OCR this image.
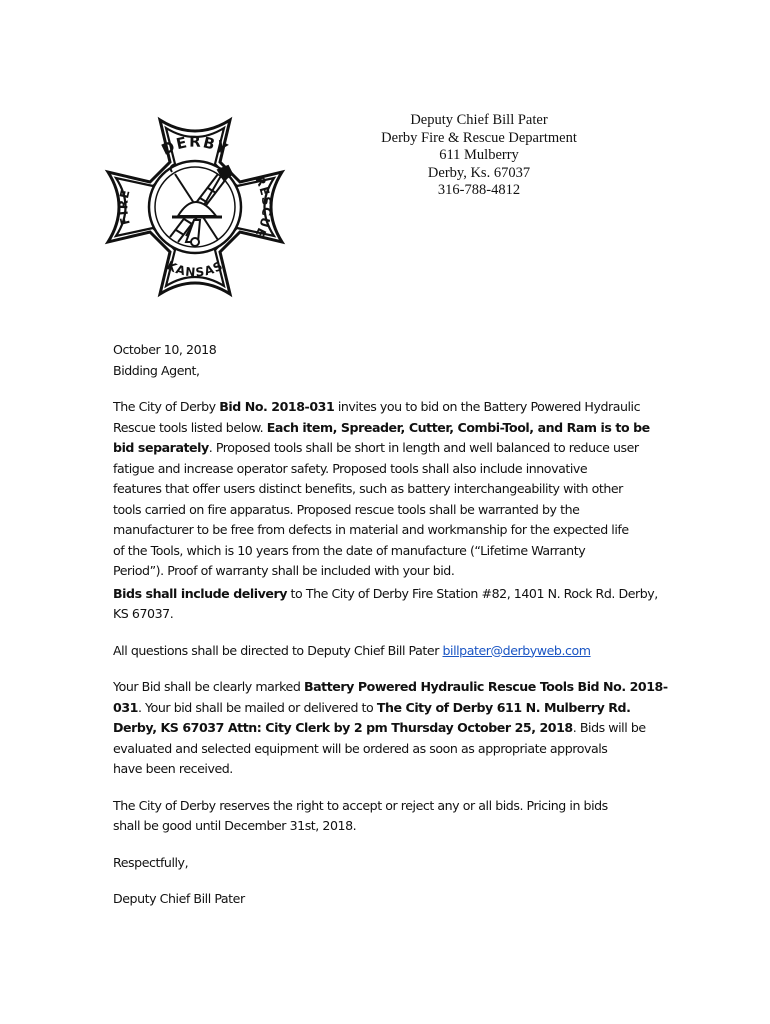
DERBY
KANSAS
FIRE
RESCUE
Deputy Chief Bill Pater
Derby Fire & Rescue Department
611 Mulberry
Derby, Ks. 67037
316-788-4812
October 10, 2018
Bidding Agent,
The City of Derby Bid No. 2018-031 invites you to bid on the Battery Powered Hydraulic
Rescue tools listed below. Each item, Spreader, Cutter, Combi-Tool, and Ram is to be
bid separately. Proposed tools shall be short in length and well balanced to reduce user
fatigue and increase operator safety. Proposed tools shall also include innovative
features that offer users distinct benefits, such as battery interchangeability with other
tools carried on fire apparatus. Proposed rescue tools shall be warranted by the
manufacturer to be free from defects in material and workmanship for the expected life
of the Tools, which is 10 years from the date of manufacture (“Lifetime Warranty
Period”). Proof of warranty shall be included with your bid.
Bids shall include delivery to The City of Derby Fire Station #82, 1401 N. Rock Rd. Derby,
KS 67037.
All questions shall be directed to Deputy Chief Bill Pater billpater@derbyweb.com
Your Bid shall be clearly marked Battery Powered Hydraulic Rescue Tools Bid No. 2018-
031. Your bid shall be mailed or delivered to The City of Derby 611 N. Mulberry Rd.
Derby, KS 67037 Attn: City Clerk by 2 pm Thursday October 25, 2018. Bids will be
evaluated and selected equipment will be ordered as soon as appropriate approvals
have been received.
The City of Derby reserves the right to accept or reject any or all bids. Pricing in bids
shall be good until December 31st, 2018.
Respectfully,
Deputy Chief Bill Pater
